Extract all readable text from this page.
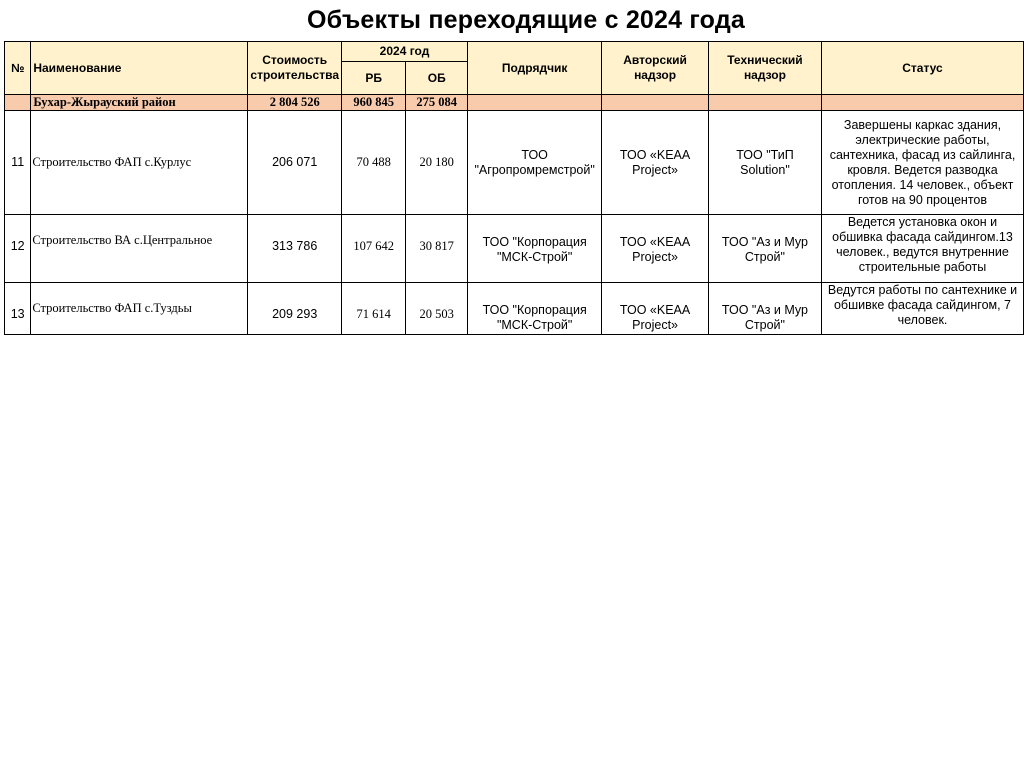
Объекты переходящие с 2024 года
№	Наименование	Стоимость строительства	2024 год		Подрядчик	Авторский надзор	Технический надзор	Статус
			РБ	ОБ				
	Бухар-Жырауский район	2 804 526	960 845	275 084				
11	Строительство ФАП с.Курлус	206 071	70 488	20 180	ТОО "Агропромремстрой"	ТОО «KEAA Project»	ТОО "ТиП Solution"	Завершены каркас здания, электрические работы, сантехника, фасад из сайлинга, кровля. Ведется разводка отопления. 14 человек., объект готов на 90 процентов
12	Строительство ВА с.Центральное	313 786	107 642	30 817	ТОО "Корпорация "МСК-Строй"	ТОО «KEAA Project»	ТОО "Аз и Мур Строй"	Ведется установка окон и обшивка фасада сайдингом.13 человек., ведутся внутренние строительные работы
13	Строительство ФАП с.Туздьы	209 293	71 614	20 503	ТОО "Корпорация "МСК-Строй"	ТОО «KEAA Project»	ТОО "Аз и Мур Строй"	Ведутся работы по сантехнике и обшивке фасада сайдингом, 7 человек.
